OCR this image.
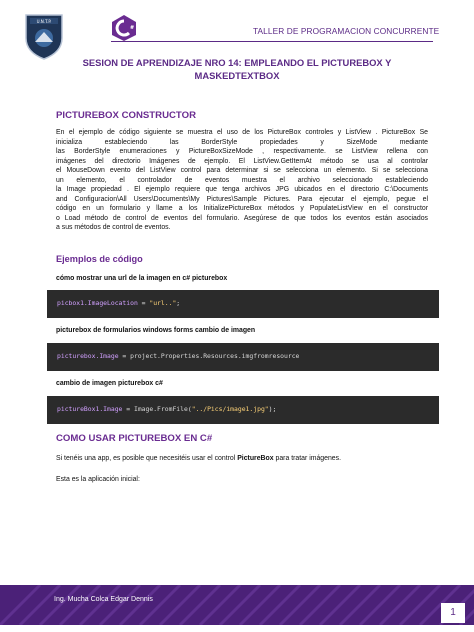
U.N.T.P.
#	TALLER DE PROGRAMACION CONCURRENTE
SESION DE APRENDIZAJE NRO 14: EMPLEANDO EL PICTUREBOX Y
MASKEDTEXTBOX
PICTUREBOX CONSTRUCTOR
En el ejemplo de código siguiente se muestra el uso de los PictureBox controles y ListView . PictureBox Se
inicializa estableciendo las BorderStyle propiedades y SizeMode mediante
las BorderStyle enumeraciones y PictureBoxSizeMode , respectivamente. se ListView rellena con
imágenes del directorio Imágenes de ejemplo. El ListView.GetItemAt método se usa al controlar
el MouseDown evento del ListView control para determinar si se selecciona un elemento. Si se selecciona
un elemento, el controlador de eventos muestra el archivo seleccionado estableciendo
la Image propiedad . El ejemplo requiere que tenga archivos JPG ubicados en el directorio C:\Documents
and Configuracion\All Users\Documents\My Pictures\Sample Pictures. Para ejecutar el ejemplo, pegue el
código en un formulario y llame a los InitializePictureBox métodos y PopulateListView en el constructor
o Load método de control de eventos del formulario. Asegúrese de que todos los eventos están asociados
a sus métodos de control de eventos.
Ejemplos de código
cómo mostrar una url de la imagen en c# picturebox
picbox1.ImageLocation = "url..";
picturebox de formularios windows forms cambio de imagen
picturebox.Image = project.Properties.Resources.imgfromresource
cambio de imagen picturebox c#
pictureBox1.Image = Image.FromFile("../Pics/image1.jpg");
COMO USAR PICTUREBOX EN C#
Si tenéis una app, es posible que necesitéis usar el control PictureBox para tratar imágenes.
Esta es la aplicación inicial:
Ing. Mucha Colca Edgar Dennis
1
